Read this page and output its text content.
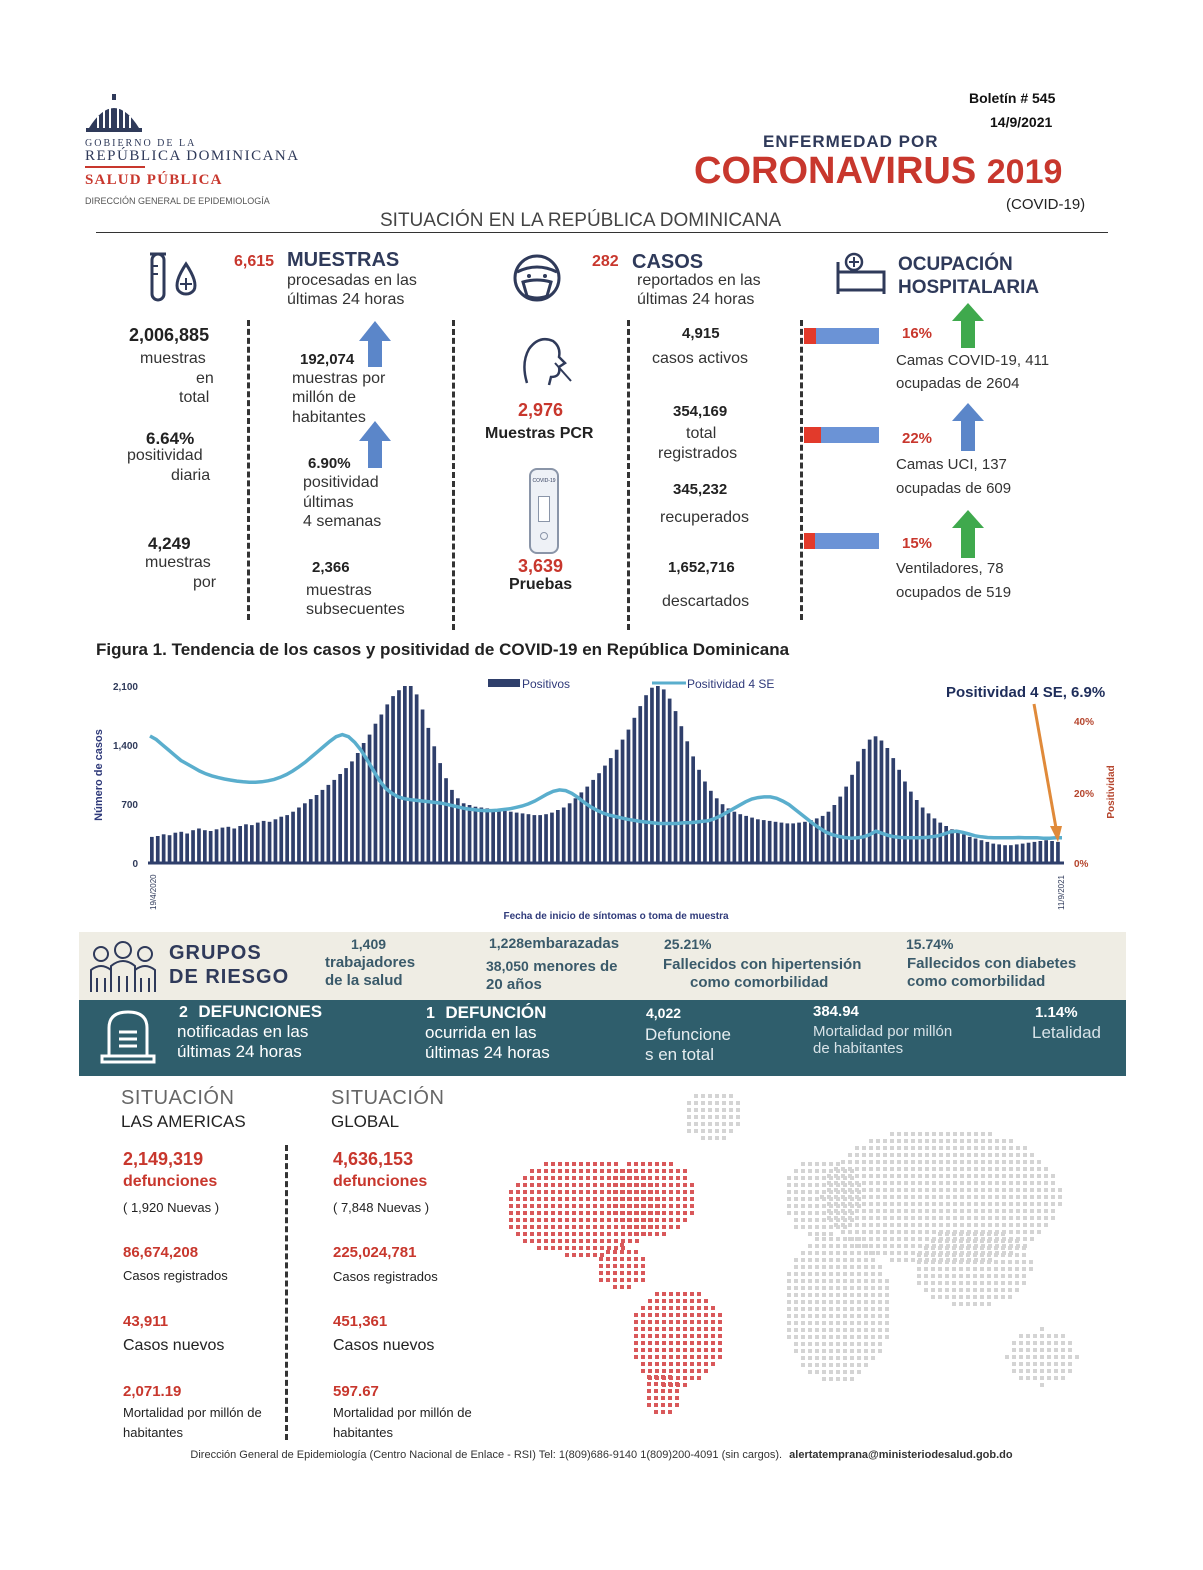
GOBIERNO DE LA
REPÚBLICA DOMINICANA
SALUD PÚBLICA
DIRECCIÓN GENERAL DE EPIDEMIOLOGÍA
Boletín # 545
14/9/2021
ENFERMEDAD POR
CORONAVIRUS 2019
(COVID-19)
SITUACIÓN EN LA REPÚBLICA DOMINICANA
6,615 MUESTRAS
procesadas en las
últimas 24 horas
2,006,885
muestras
en
total
6.64%
positividad
diaria
4,249
muestras
por
192,074
muestras por
millón de
habitantes
6.90%
positividad
últimas
4 semanas
2,366
muestras
subsecuentes
2,976
Muestras PCR
COVID-19
3,639
Pruebas
282 CASOS
reportados en las
últimas 24 horas
4,915
casos activos
354,169
total
registrados
345,232
recuperados
1,652,716
descartados
OCUPACIÓN
HOSPITALARIA
16%
Camas COVID-19, 411
ocupadas de 2604
22%
Camas UCI, 137
ocupadas de 609
15%
Ventiladores, 78
ocupados de 519
Figura 1. Tendencia de los casos y positividad de COVID-19 en República Dominicana
2,100
1,400
700
0
40%
20%
0%
Número de casos	Positividad
19/4/2020	11/9/2021
Fecha de inicio de síntomas o toma de muestra
Positivos	Positividad 4 SE	Positividad 4 SE, 6.9%
GRUPOS
DE RIESGO
1,409
trabajadores
de la salud
1,228embarazadas
38,050 menores de
20 años
25.21%
Fallecidos con hipertensión
como comorbilidad
15.74%
Fallecidos con diabetes
como comorbilidad
2 DEFUNCIONES
notificadas en las
últimas 24 horas
1 DEFUNCIÓN
ocurrida en las
últimas 24 horas
4,022
Defuncione
s en total
384.94
Mortalidad por millón
de habitantes
1.14%
Letalidad
SITUACIÓN
LAS AMERICAS
2,149,319
defunciones
( 1,920 Nuevas )
86,674,208
Casos registrados
43,911
Casos nuevos
2,071.19
Mortalidad por millón de
habitantes
SITUACIÓN
GLOBAL
4,636,153
defunciones
( 7,848 Nuevas )
225,024,781
Casos registrados
451,361
Casos nuevos
597.67
Mortalidad por millón de
habitantes
Dirección General de Epidemiología (Centro Nacional de Enlace - RSI) Tel: 1(809)686-9140 1(809)200-4091 (sin cargos). alertatemprana@ministeriodesalud.gob.do
